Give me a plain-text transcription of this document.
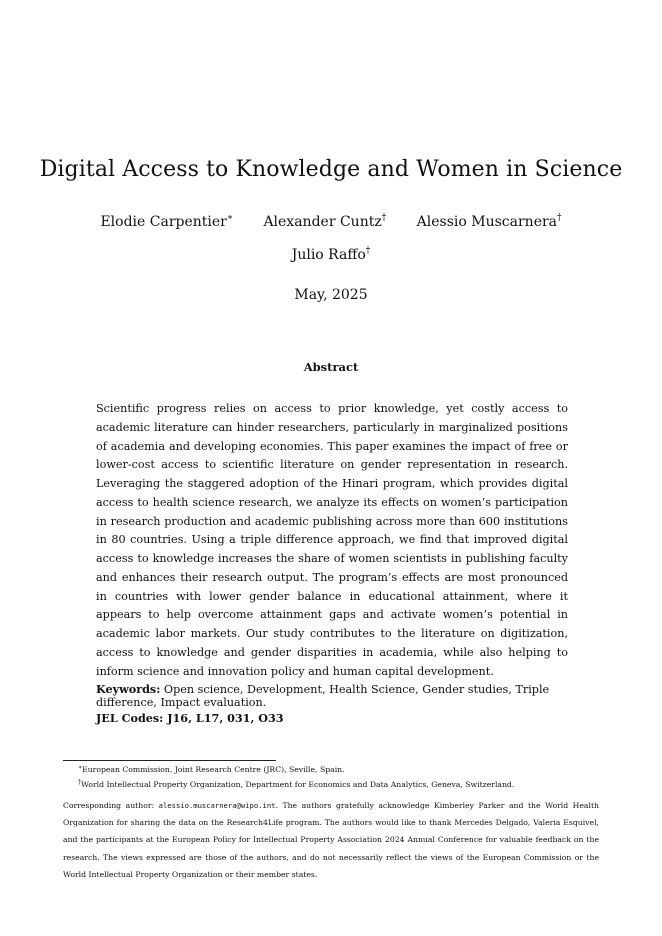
Digital Access to Knowledge and Women in Science
Elodie Carpentier∗ Alexander Cuntz† Alessio Muscarnera†
Julio Raffo†
May, 2025
Abstract
Scientific progress relies on access to prior knowledge, yet costly access to academic literature can hinder researchers, particularly in marginalized positions of academia and developing economies. This paper examines the impact of free or lower-cost access to scientific literature on gender representation in research. Leveraging the staggered adoption of the Hinari program, which provides digital access to health science research, we analyze its effects on women’s participation in research production and academic publishing across more than 600 institutions in 80 countries. Using a triple difference approach, we find that improved digital access to knowledge increases the share of women scientists in publishing faculty and enhances their research output. The program’s effects are most pronounced in countries with lower gender balance in educational attainment, where it appears to help overcome attainment gaps and activate women’s potential in academic labor markets. Our study contributes to the literature on digitization, access to knowledge and gender disparities in academia, while also helping to inform science and innovation policy and human capital development.
Keywords: Open science, Development, Health Science, Gender studies, Triple difference, Impact evaluation.
JEL Codes: J16, L17, 031, O33
∗European Commission, Joint Research Centre (JRC), Seville, Spain.
†World Intellectual Property Organization, Department for Economics and Data Analytics, Geneva, Switzerland.
Corresponding author: alessio.muscarnera@wipo.int. The authors gratefully acknowledge Kimberley Parker and the World Health Organization for sharing the data on the Research4Life program. The authors would like to thank Mercedes Delgado, Valeria Esquivel, and the participants at the European Policy for Intellectual Property Association 2024 Annual Conference for valuable feedback on the research. The views expressed are those of the authors, and do not necessarily reflect the views of the European Commission or the World Intellectual Property Organization or their member states.
